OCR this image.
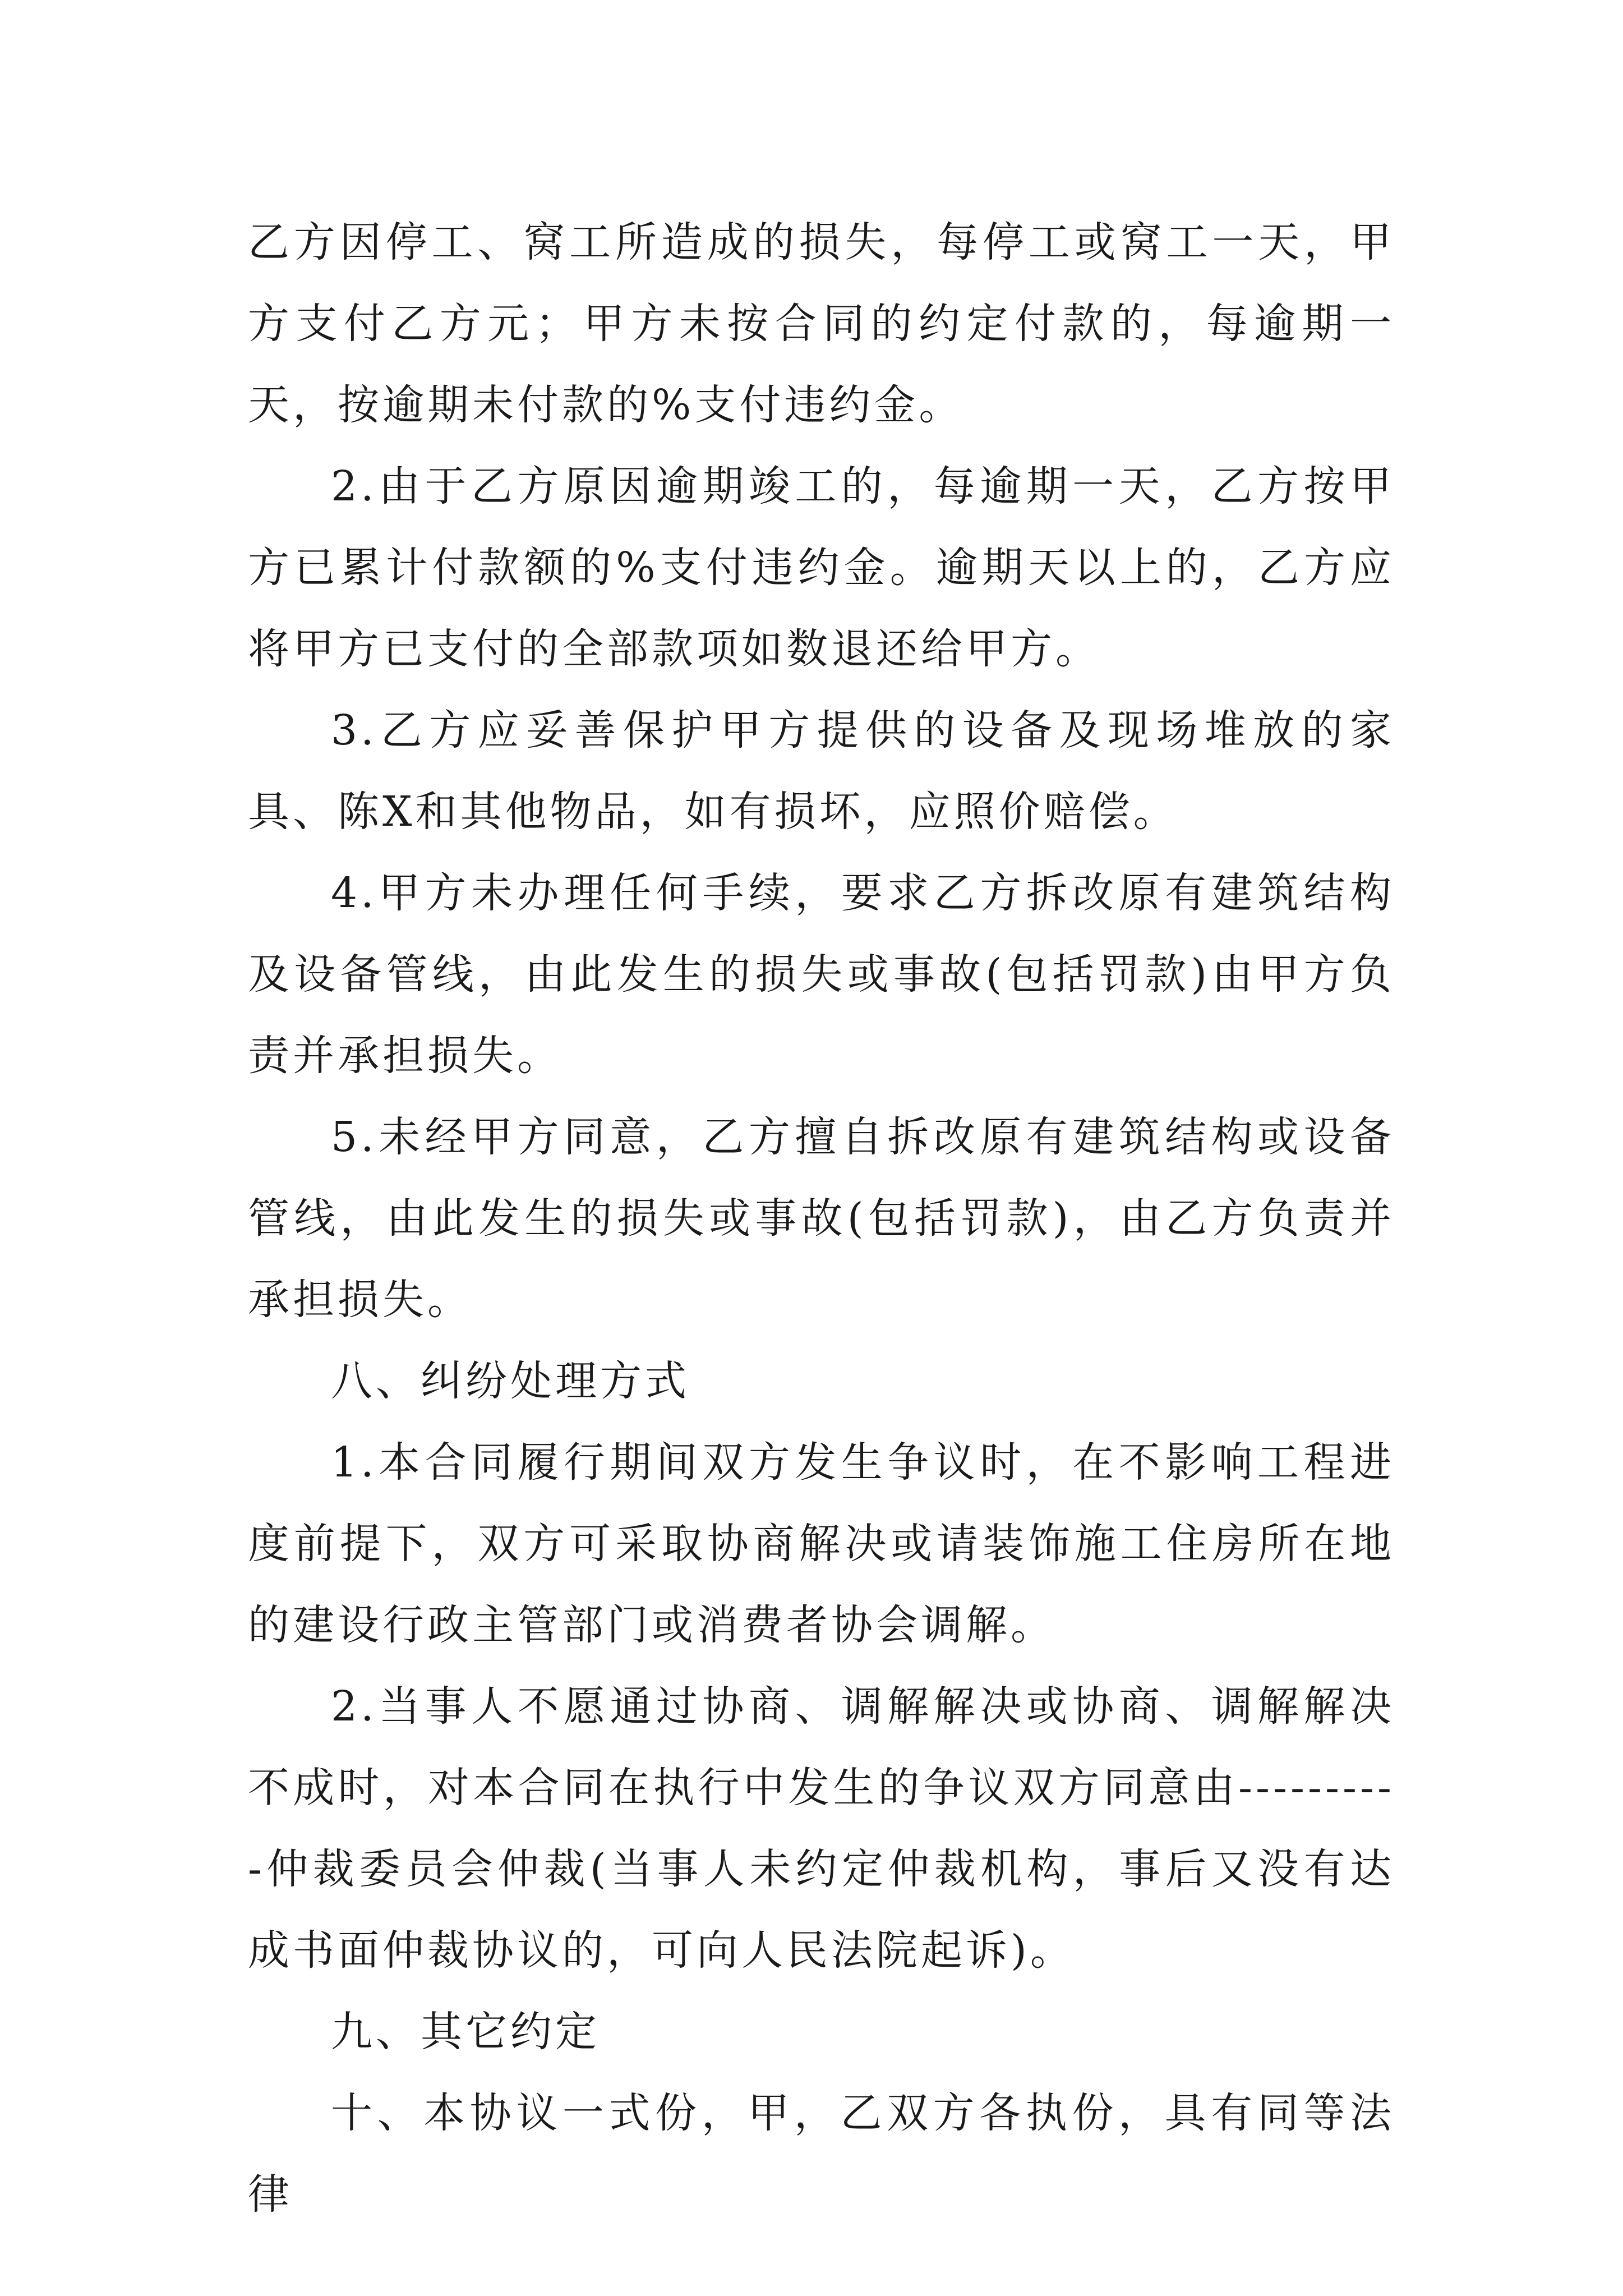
乙方因停工、窝工所造成的损失，每停工或窝工一天，甲方支付乙方元；甲方未按合同的约定付款的，每逾期一天，按逾期未付款的%支付违约金。

2.由于乙方原因逾期竣工的，每逾期一天，乙方按甲方已累计付款额的%支付违约金。逾期天以上的，乙方应将甲方已支付的全部款项如数退还给甲方。

3.乙方应妥善保护甲方提供的设备及现场堆放的家具、陈X和其他物品，如有损坏，应照价赔偿。

4.甲方未办理任何手续，要求乙方拆改原有建筑结构及设备管线，由此发生的损失或事故(包括罚款)由甲方负责并承担损失。

5.未经甲方同意，乙方擅自拆改原有建筑结构或设备管线，由此发生的损失或事故(包括罚款)，由乙方负责并承担损失。

八、纠纷处理方式

1.本合同履行期间双方发生争议时，在不影响工程进度前提下，双方可采取协商解决或请装饰施工住房所在地的建设行政主管部门或消费者协会调解。

2.当事人不愿通过协商、调解解决或协商、调解解决不成时，对本合同在执行中发生的争议双方同意由----------仲裁委员会仲裁(当事人未约定仲裁机构，事后又没有达成书面仲裁协议的，可向人民法院起诉)。

九、其它约定

十、本协议一式份，甲，乙双方各执份，具有同等法律
